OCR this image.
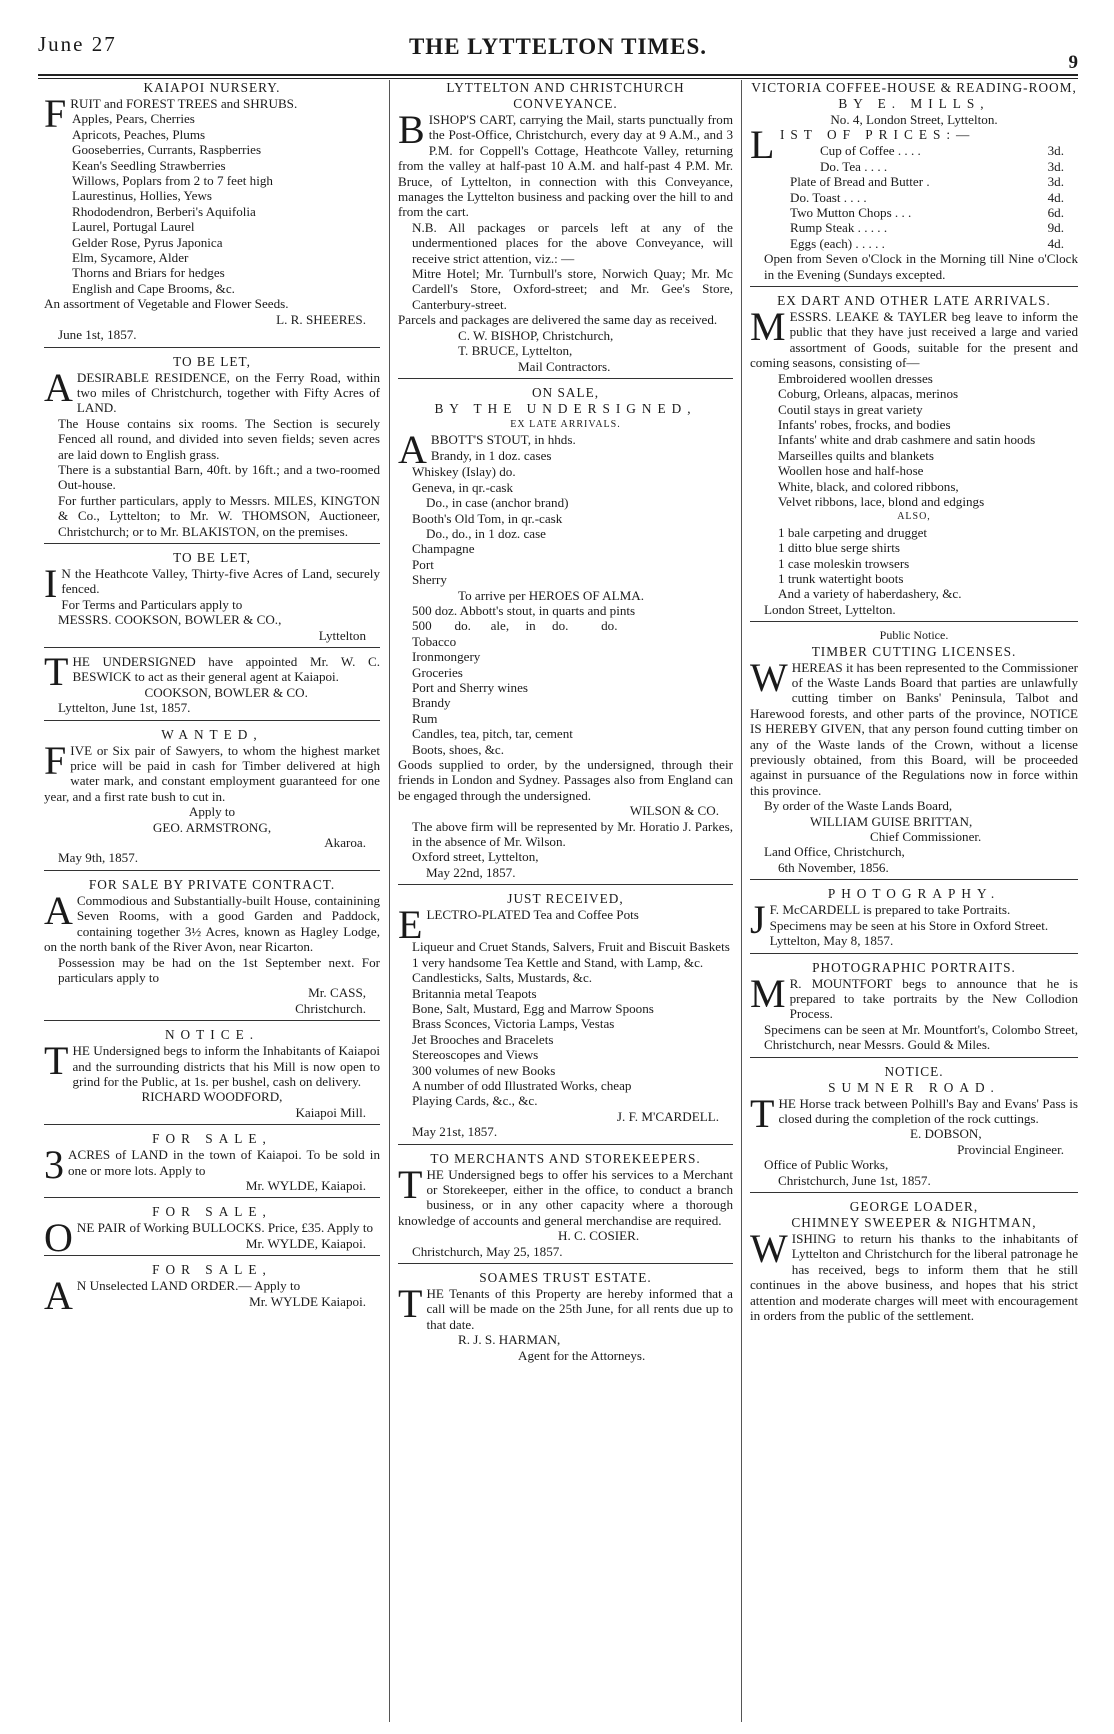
June 27	THE LYTTELTON TIMES.
9
KAIAPOI NURSERY.

FRUIT and FOREST TREES and SHRUBS.

Apples, Pears, Cherries
Apricots, Peaches, Plums
Gooseberries, Currants, Raspberries
Kean's Seedling Strawberries
Willows, Poplars from 2 to 7 feet high
Laurestinus, Hollies, Yews
Rhododendron, Berberi's Aquifolia
Laurel, Portugal Laurel
Gelder Rose, Pyrus Japonica
Elm, Sycamore, Alder
Thorns and Briars for hedges
English and Cape Brooms, &c.
An assortment of Vegetable and Flower Seeds.
L. R. SHEERES.
June 1st, 1857.
TO BE LET,

ADESIRABLE RESIDENCE, on the Ferry Road, within two miles of Christchurch, together with Fifty Acres of LAND.

The House contains six rooms. The Section is securely Fenced all round, and divided into seven fields; seven acres are laid down to English grass.

There is a substantial Barn, 40ft. by 16ft.; and a two-roomed Out-house.

For further particulars, apply to Messrs. MILES, KINGTON & Co., Lyttelton; to Mr. W. THOMSON, Auctioneer, Christchurch; or to Mr. BLAKISTON, on the premises.

TO BE LET,

I N the Heathcote Valley, Thirty-five Acres of Land, securely fenced.

For Terms and Particulars apply to
MESSRS. COOKSON, BOWLER & CO.,
Lyttelton

THE UNDERSIGNED have appointed Mr. W. C. BESWICK to act as their general agent at Kaiapoi.

COOKSON, BOWLER & CO.
Lyttelton, June 1st, 1857.
WANTED,

FIVE or Six pair of Sawyers, to whom the highest market price will be paid in cash for Timber delivered at high water mark, and constant employment guaranteed for one year, and a first rate bush to cut in.

Apply to
GEO. ARMSTRONG,
Akaroa.
May 9th, 1857.
FOR SALE BY PRIVATE CONTRACT.

A Commodious and Substantially-built House, containining Seven Rooms, with a good Garden and Paddock, containing together 3½ Acres, known as Hagley Lodge, on the north bank of the River Avon, near Ricarton.

Possession may be had on the 1st September next. For particulars apply to

Mr. CASS,
Christchurch.
NOTICE.

THE Undersigned begs to inform the Inhabitants of Kaiapoi and the surrounding districts that his Mill is now open to grind for the Public, at 1s. per bushel, cash on delivery.

RICHARD WOODFORD,
Kaiapoi Mill.
FOR SALE,

3 ACRES of LAND in the town of Kaiapoi. To be sold in one or more lots. Apply to

Mr. WYLDE, Kaiapoi.
FOR SALE,

ONE PAIR of Working BULLOCKS. Price, £35. Apply to

Mr. WYLDE, Kaiapoi.
FOR SALE,

A N Unselected LAND ORDER.— Apply to

Mr. WYLDE Kaiapoi.
LYTTELTON AND CHRISTCHURCH CONVEYANCE.

BISHOP'S CART, carrying the Mail, starts punctually from the Post-Office, Christchurch, every day at 9 A.M., and 3 P.M. for Coppell's Cottage, Heathcote Valley, returning from the valley at half-past 10 A.M. and half-past 4 P.M. Mr. Bruce, of Lyttelton, in connection with this Conveyance, manages the Lyttelton business and packing over the hill to and from the cart.

N.B. All packages or parcels left at any of the undermentioned places for the above Conveyance, will receive strict attention, viz.: —

Mitre Hotel; Mr. Turnbull's store, Norwich Quay; Mr. Mc Cardell's Store, Oxford-street; and Mr. Gee's Store, Canterbury-street.

Parcels and packages are delivered the same day as received.

C. W. BISHOP, Christchurch,
T. BRUCE, Lyttelton,
Mail Contractors.
ON SALE,
BY THE UNDERSIGNED,
EX LATE ARRIVALS.
ABBOTT'S STOUT, in hhds.
Brandy, in 1 doz. cases
Whiskey (Islay) do.
Geneva, in qr.-cask
Do., in case (anchor brand)
Booth's Old Tom, in qr.-cask
Do., do., in 1 doz. case
Champagne
Port
Sherry
To arrive per HEROES OF ALMA.
500 doz. Abbott's stout, in quarts and pints
500       do.      ale,     in     do.          do.
Tobacco
Ironmongery
Groceries
Port and Sherry wines
Brandy
Rum
Candles, tea, pitch, tar, cement
Boots, shoes, &c.

Goods supplied to order, by the undersigned, through their friends in London and Sydney. Passages also from England can be engaged through the undersigned.

WILSON & CO.

The above firm will be represented by Mr. Horatio J. Parkes, in the absence of Mr. Wilson.

Oxford street, Lyttelton,
May 22nd, 1857.
JUST RECEIVED,

ELECTRO-PLATED Tea and Coffee Pots

Liqueur and Cruet Stands, Salvers, Fruit and Biscuit Baskets
1 very handsome Tea Kettle and Stand, with Lamp, &c.
Candlesticks, Salts, Mustards, &c.
Britannia metal Teapots
Bone, Salt, Mustard, Egg and Marrow Spoons
Brass Sconces, Victoria Lamps, Vestas
Jet Brooches and Bracelets
Stereoscopes and Views
300 volumes of new Books
A number of odd Illustrated Works, cheap
Playing Cards, &c., &c.
J. F. M'CARDELL.
May 21st, 1857.
TO MERCHANTS AND STOREKEEPERS.

THE Undersigned begs to offer his services to a Merchant or Storekeeper, either in the office, to conduct a branch business, or in any other capacity where a thorough knowledge of accounts and general merchandise are required.

H. C. COSIER.
Christchurch, May 25, 1857.
SOAMES TRUST ESTATE.

THE Tenants of this Property are hereby informed that a call will be made on the 25th June, for all rents due up to that date.

R. J. S. HARMAN,
Agent for the Attorneys.
VICTORIA COFFEE-HOUSE & READING-ROOM,
BY E. MILLS,
No. 4, London Street, Lyttelton.
LIST OF PRICES:—
Cup of Coffee . . . .	3d.
Do. Tea . . . .	3d.
Plate of Bread and Butter .	3d.
Do. Toast . . . .	4d.
Two Mutton Chops . . .	6d.
Rump Steak . . . . .	9d.
Eggs (each) . . . . .	4d.

Open from Seven o'Clock in the Morning till Nine o'Clock in the Evening (Sundays excepted.

EX DART AND OTHER LATE ARRIVALS.

MESSRS. LEAKE & TAYLER beg leave to inform the public that they have just received a large and varied assortment of Goods, suitable for the present and coming seasons, consisting of—

Embroidered woollen dresses
Coburg, Orleans, alpacas, merinos
Coutil stays in great variety
Infants' robes, frocks, and bodies
Infants' white and drab cashmere and satin hoods
Marseilles quilts and blankets
Woollen hose and half-hose
White, black, and colored ribbons,
Velvet ribbons, lace, blond and edgings
ALSO,
1 bale carpeting and drugget
1 ditto blue serge shirts
1 case moleskin trowsers
1 trunk watertight boots
And a variety of haberdashery, &c.
London Street, Lyttelton.
Public Notice.
TIMBER CUTTING LICENSES.

WHEREAS it has been represented to the Commissioner of the Waste Lands Board that parties are unlawfully cutting timber on Banks' Peninsula, Talbot and Harewood forests, and other parts of the province, NOTICE IS HEREBY GIVEN, that any person found cutting timber on any of the Waste lands of the Crown, without a license previously obtained, from this Board, will be proceeded against in pursuance of the Regulations now in force within this province.

By order of the Waste Lands Board,
WILLIAM GUISE BRITTAN,
Chief Commissioner.
Land Office, Christchurch,
6th November, 1856.
PHOTOGRAPHY.

J F. McCARDELL is prepared to take Portraits.

Specimens may be seen at his Store in Oxford Street.

Lyttelton, May 8, 1857.
PHOTOGRAPHIC PORTRAITS.

M R. MOUNTFORT begs to announce that he is prepared to take portraits by the New Collodion Process.

Specimens can be seen at Mr. Mountfort's, Colombo Street, Christchurch, near Messrs. Gould & Miles.

NOTICE.
SUMNER ROAD.

THE Horse track between Polhill's Bay and Evans' Pass is closed during the completion of the rock cuttings.

E. DOBSON,
Provincial Engineer.
Office of Public Works,
Christchurch, June 1st, 1857.
GEORGE LOADER,
CHIMNEY SWEEPER & NIGHTMAN,

WISHING to return his thanks to the inhabitants of Lyttelton and Christchurch for the liberal patronage he has received, begs to inform them that he still continues in the above business, and hopes that his strict attention and moderate charges will meet with encouragement in orders from the public of the settlement.
